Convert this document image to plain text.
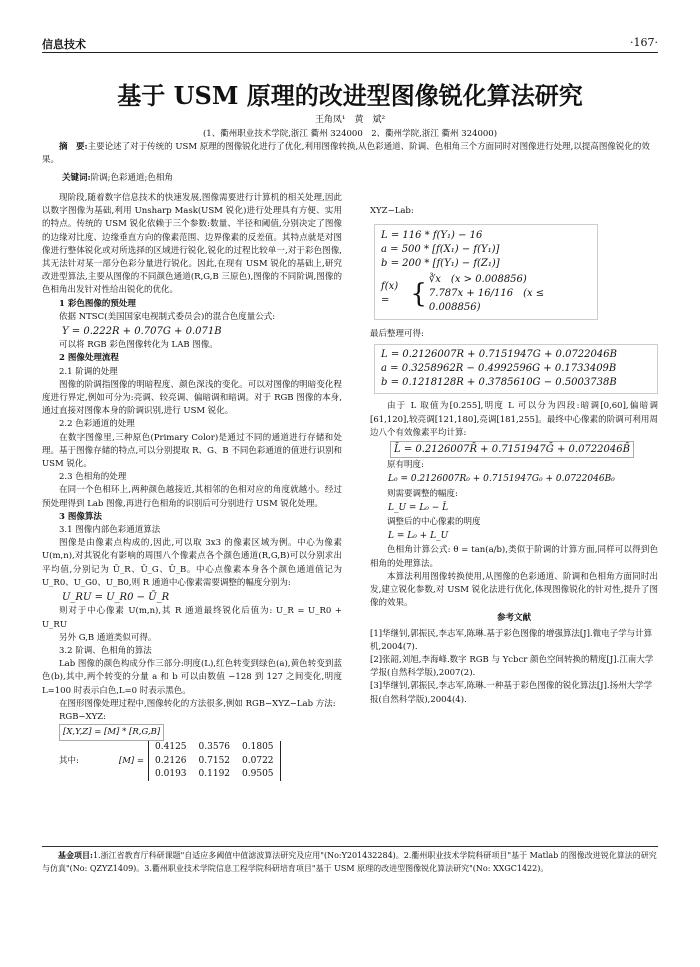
信息技术	·167·
基于 USM 原理的改进型图像锐化算法研究
王角凤¹　黄　斌²
(1、衢州职业技术学院,浙江 衢州 324000　2、衢州学院,浙江 衢州 324000)
摘　要:主要论述了对于传统的 USM 原理的图像锐化进行了优化,利用图像转换,从色彩通道、阶调、色相角三个方面同时对图像进行处理,以提高图像锐化的效果。
关键词:阶调;色彩通道;色相角

现阶段,随着数字信息技术的快速发展,图像需要进行计算机的相关处理,因此以数字图像为基础,利用 Unsharp Mask(USM 锐化)进行处理具有方便、实用的特点。传统的 USM 锐化依赖于三个参数:数量、半径和阈值,分别决定了图像的边缘对比度、边缘垂直方向的像素范围、边界像素的反差值。其特点就是对图像进行整体锐化或对所选择的区域进行锐化,锐化的过程比较单一,对于彩色图像,其无法针对某一部分色彩分量进行锐化。因此,在现有 USM 锐化的基础上,研究改进型算法,主要从图像的不同颜色通道(R,G,B 三原色),图像的不同阶调,图像的色相角出发针对性给出锐化的优化。

1 彩色图像的预处理

依据 NTSC(美国国家电视制式委员会)的混合色度量公式:

Y = 0.222R + 0.707G + 0.071B

可以将 RGB 彩色图像转化为 LAB 图像。

2 图像处理流程

2.1 阶调的处理

图像的阶调指图像的明暗程度、颜色深浅的变化。可以对图像的明暗变化程度进行界定,例如可分为:亮调、较亮调、偏暗调和暗调。对于 RGB 图像的本身,通过直接对图像本身的阶调识别,进行 USM 锐化。

2.2 色彩通道的处理

在数字图像里,三种原色(Primary Color)是通过不同的通道进行存储和处理。基于图像存储的特点,可以分别提取 R、G、B 不同色彩通道的值进行识别和 USM 锐化。

2.3 色相角的处理

在同一个色相环上,两种颜色越接近,其相邻的色相对应的角度就越小。经过预处理得到 Lab 图像,再进行色相角的识别后可分别进行 USM 锐化处理。

3 图像算法

3.1 图像内部色彩通道算法

图像是由像素点构成的,因此,可以取 3x3 的像素区域为例。中心为像素 U(m,n),对其锐化有影响的周围八个像素点各个颜色通道(R,G,B)可以分别求出平均值,分别记为 Ū_R、Ū_G、Ū_B。中心点像素本身各个颜色通道值记为 U_R0、U_G0、U_B0,则 R 通道中心像素需要调整的幅度分别为:

U_RU = U_R0 − Ū_R

则对于中心像素 U(m,n),其 R 通道最终锐化后值为: U_R = U_R0 + U_RU

另外 G,B 通道类似可得。

3.2 阶调、色相角的算法

Lab 图像的颜色构成分作三部分:明度(L),红色转变到绿色(a),黄色转变到蓝色(b),其中,两个转变的分量 a 和 b 可以由数值 −128 到 127 之间变化,明度 L=100 时表示白色,L=0 时表示黑色。

在图形图像处理过程中,图像转化的方法很多,例如 RGB−XYZ−Lab 方法:

RGB−XYZ:
[X,Y,Z] = [M] * [R,G,B]
其中:	[M] =
0.4125	0.3576	0.1805
0.2126	0.7152	0.0722
0.0193	0.1192	0.9505
XYZ−Lab:
L = 116 * f(Y₁) − 16
a = 500 * [f(X₁) − f(Y₁)]
b = 200 * [f(Y₁) − f(Z₁)]
f(x) = { ∛x　(x > 0.008856)
7.787x + 16/116　(x ≤ 0.008856)
最后整理可得:
L = 0.2126007R + 0.7151947G + 0.0722046B
a = 0.3258962R − 0.4992596G + 0.1733409B
b = 0.1218128R + 0.3785610G − 0.5003738B

由于 L 取值为[0.255],明度 L 可以分为四段:暗调[0,60],偏暗调[61,120],较亮调[121,180],亮调[181,255]。最终中心像素的阶调可利用周边八个有效像素平均计算:

L̄ = 0.2126007R̄ + 0.7151947Ḡ + 0.0722046B̄

原有明度:

L₀ = 0.2126007R₀ + 0.7151947G₀ + 0.0722046B₀

则需要调整的幅度:

L_U = L₀ − L̄

调整后的中心像素的明度

L = L₀ + L_U

色相角计算公式: θ = tan(a/b),类似于阶调的计算方面,同样可以得到色相角的处理算法。

本算法利用图像转换使用,从图像的色彩通道、阶调和色相角方面同时出发,建立锐化参数,对 USM 锐化法进行优化,体现图像锐化的针对性,提升了图像的效果。

参考文献

[1]华继钊,郭振民,李志军,陈琳.基于彩色图像的增强算法[J].微电子学与计算机,2004(7).

[2]张韶,刘旭,李海峰.数字 RGB 与 Ycbcr 颜色空间转换的精度[J].江南大学学报(自然科学版),2007(2).

[3]华继钊,郭振民,李志军,陈琳.一种基于彩色图像的锐化算法[J].扬州大学学报(自然科学版),2004(4).

基金项目:1.浙江省教育厅科研课题"自适应多阈值中值滤波算法研究及应用"(No:Y201432284)。2.衢州职业技术学院科研项目"基于 Matlab 的图像改进锐化算法的研究与仿真"(No: QZYZ1409)。3.衢州职业技术学院信息工程学院科研培育项目"基于 USM 原理的改进型图像锐化算法研究"(No: XXGC1422)。
